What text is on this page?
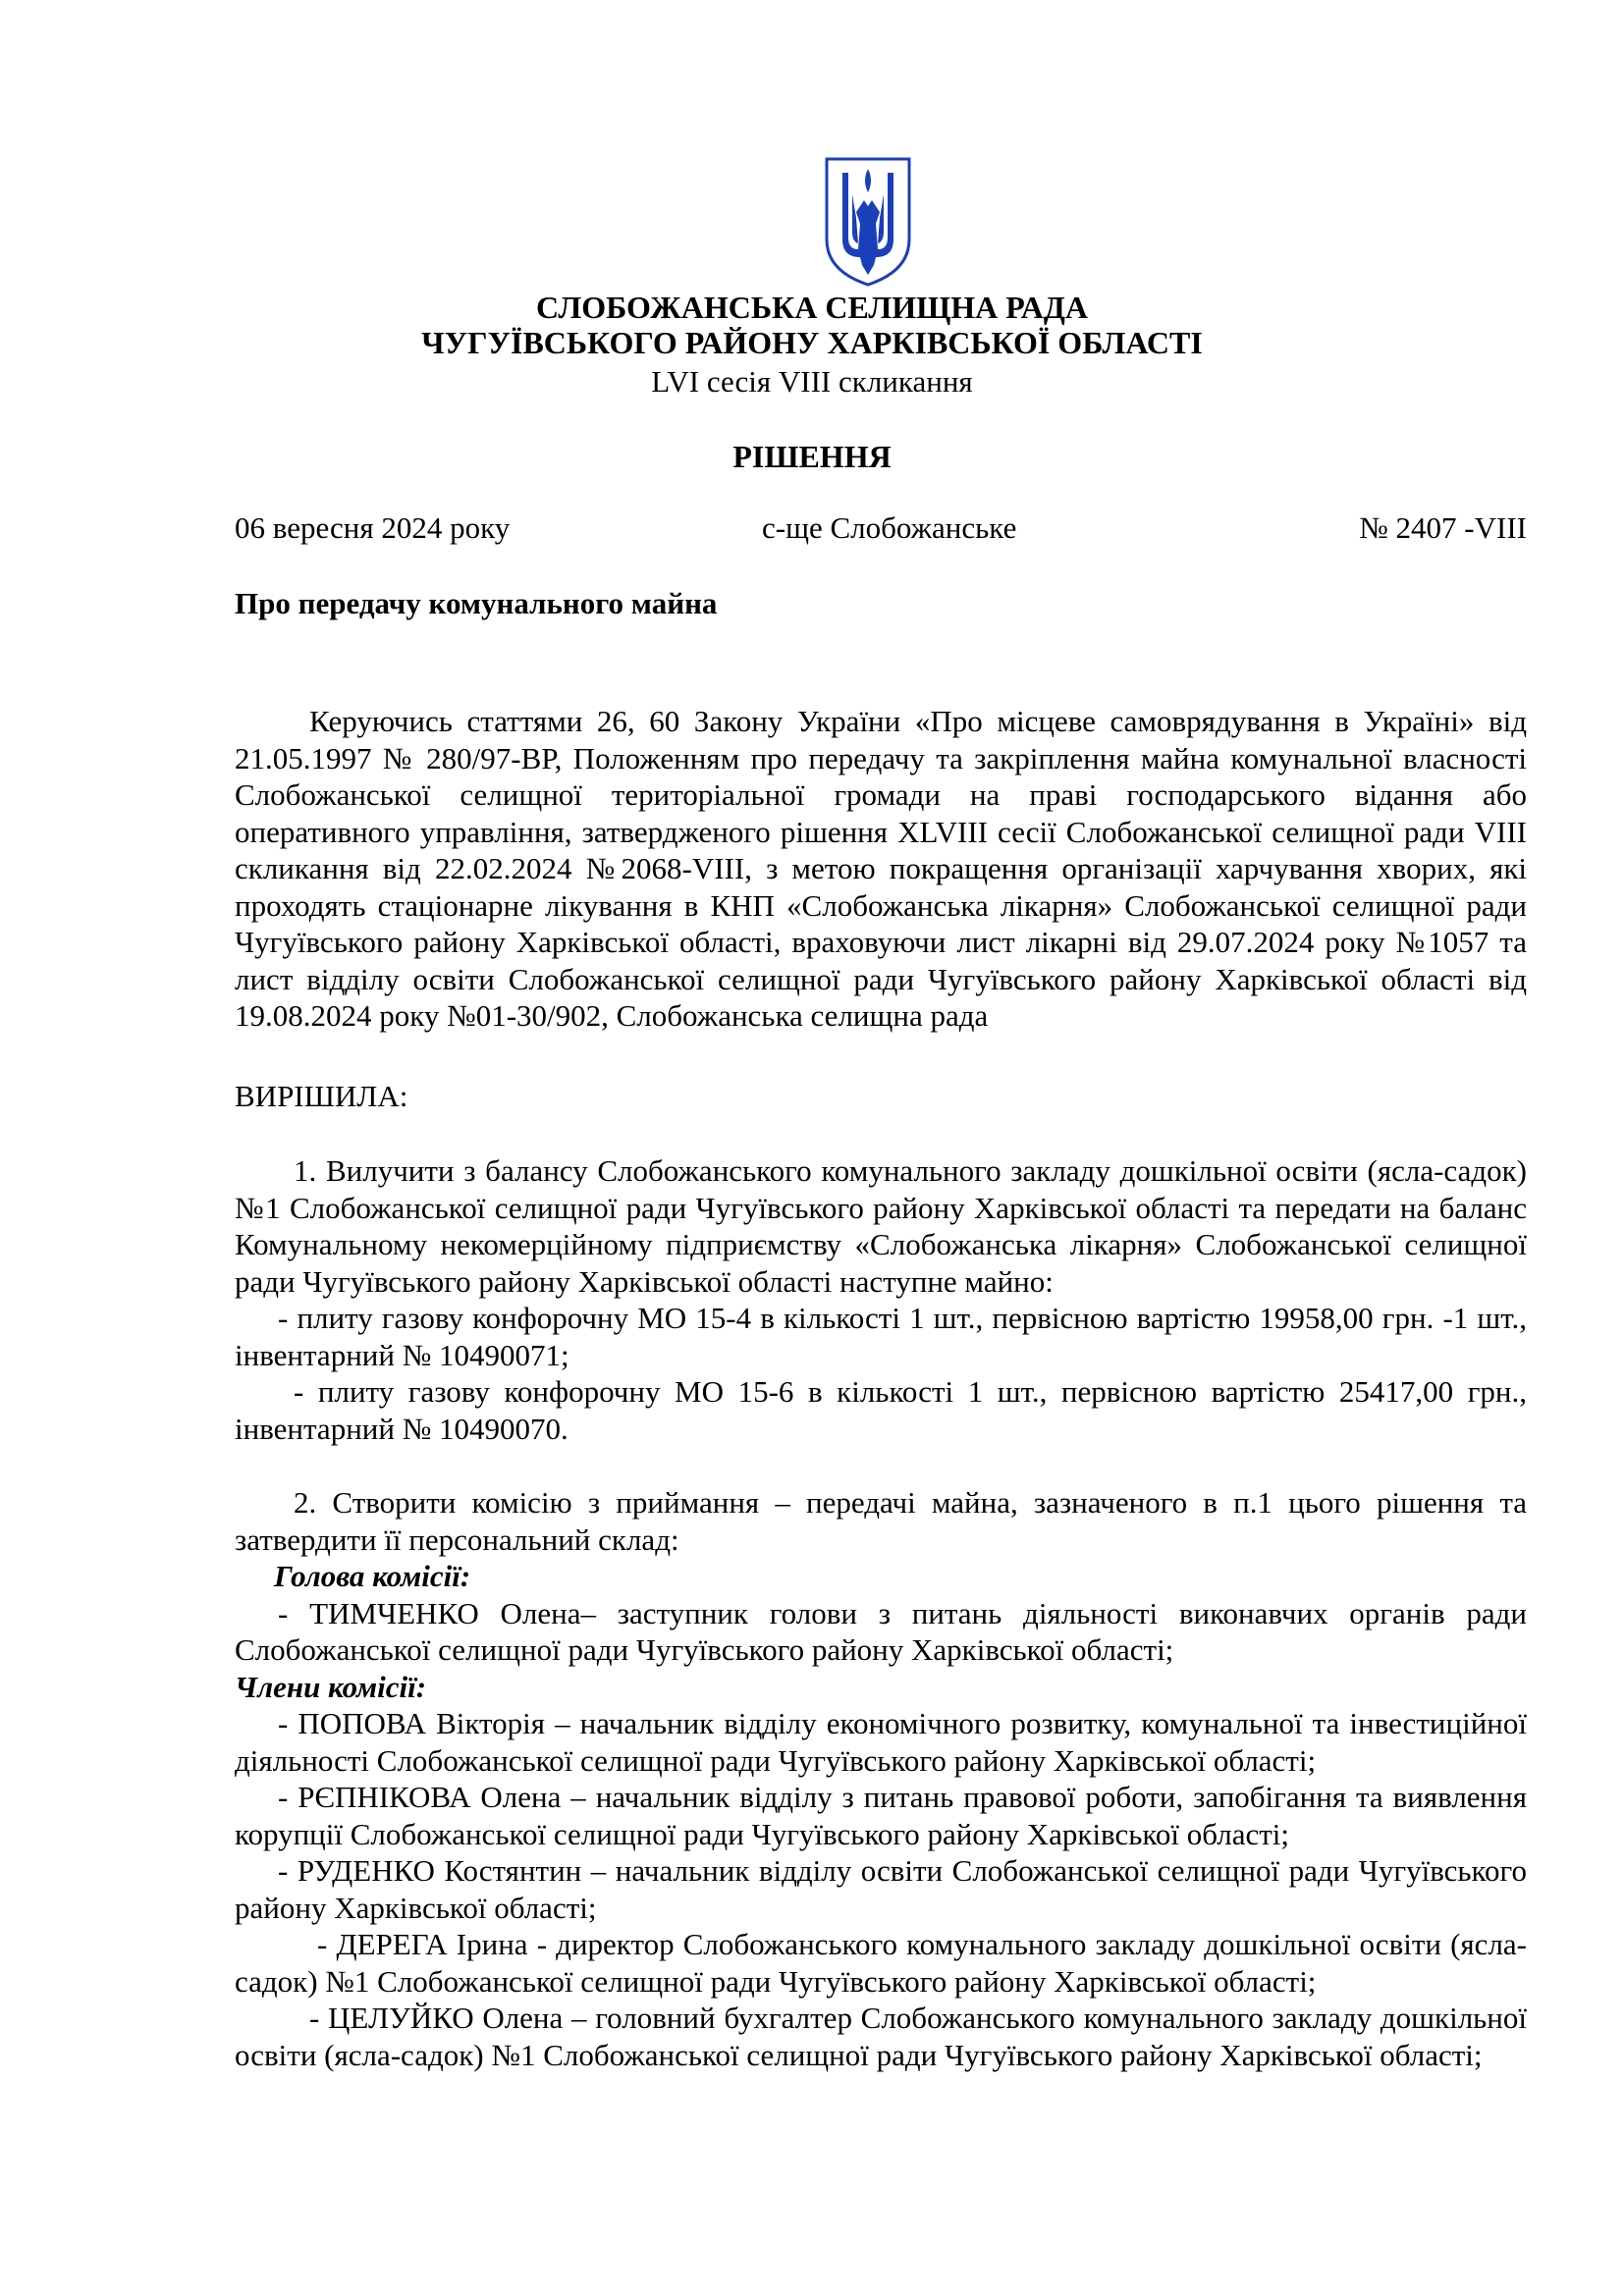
СЛОБОЖАНСЬКА СЕЛИЩНА РАДА
ЧУГУЇВСЬКОГО РАЙОНУ ХАРКІВСЬКОЇ ОБЛАСТІ
LVI сесія VIII скликання
РІШЕННЯ
06 вересня 2024 року	с-ще Слобожанське	№ 2407 -VIII
Про передачу комунального майна

Керуючись статтями 26, 60 Закону України «Про місцеве самоврядування в Україні» від 21.05.1997 № 280/97-ВР, Положенням про передачу та закріплення майна комунальної власності Слобожанської селищної територіальної громади на праві господарського відання або оперативного управління, затвердженого рішення XLVIII сесії Слобожанської селищної ради VIII скликання від 22.02.2024 №2068-VIII, з метою покращення організації харчування хворих, які проходять стаціонарне лікування в КНП «Слобожанська лікарня» Слобожанської селищної ради Чугуївського району Харківської області, враховуючи лист лікарні від 29.07.2024 року №1057 та лист відділу освіти Слобожанської селищної ради Чугуївського району Харківської області від 19.08.2024 року №01-30/902, Слобожанська селищна рада

ВИРІШИЛА:

1. Вилучити з балансу Слобожанського комунального закладу дошкільної освіти (ясла-садок) №1 Слобожанської селищної ради Чугуївського району Харківської області та передати на баланс Комунальному некомерційному підприємству «Слобожанська лікарня» Слобожанської селищної ради Чугуївського району Харківської області наступне майно:

- плиту газову конфорочну МО 15-4 в кількості 1 шт., первісною вартістю 19958,00 грн. -1 шт., інвентарний № 10490071;

- плиту газову конфорочну МО 15-6 в кількості 1 шт., первісною вартістю 25417,00 грн., інвентарний № 10490070.

2. Створити комісію з приймання – передачі майна, зазначеного в п.1 цього рішення та затвердити її персональний склад:

Голова комісії:

- ТИМЧЕНКО Олена– заступник голови з питань діяльності виконавчих органів ради Слобожанської селищної ради Чугуївського району Харківської області;

Члени комісії:

- ПОПОВА Вікторія – начальник відділу економічного розвитку, комунальної та інвестиційної діяльності Слобожанської селищної ради Чугуївського району Харківської області;

- РЄПНІКОВА Олена – начальник відділу з питань правової роботи, запобігання та виявлення корупції Слобожанської селищної ради Чугуївського району Харківської області;

- РУДЕНКО Костянтин – начальник відділу освіти Слобожанської селищної ради Чугуївського району Харківської області;

- ДЕРЕГА Ірина - директор Слобожанського комунального закладу дошкільної освіти (ясла-садок) №1 Слобожанської селищної ради Чугуївського району Харківської області;

- ЦЕЛУЙКО Олена – головний бухгалтер Слобожанського комунального закладу дошкільної освіти (ясла-садок) №1 Слобожанської селищної ради Чугуївського району Харківської області;
